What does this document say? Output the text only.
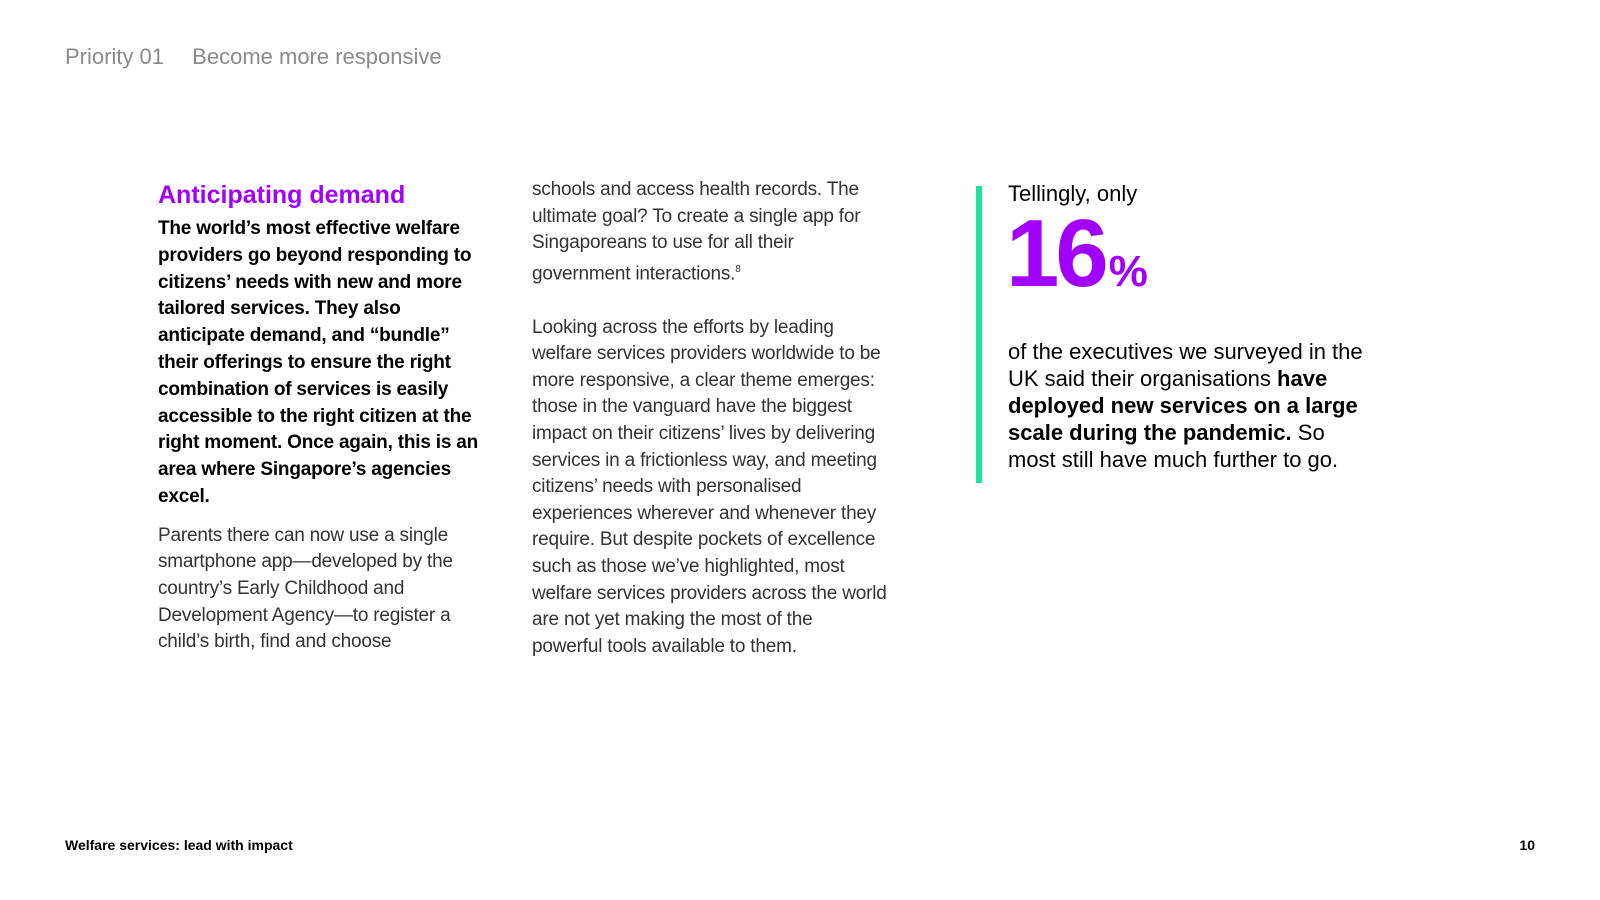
Priority 01 Become more responsive
Anticipating demand

The world’s most effective welfare providers go beyond responding to citizens’ needs with new and more tailored services. They also anticipate demand, and “bundle” their offerings to ensure the right combination of services is easily accessible to the right citizen at the right moment. Once again, this is an area where Singapore’s agencies excel.

Parents there can now use a single smartphone app—developed by the country’s Early Childhood and Development Agency—to register a child’s birth, find and choose

schools and access health records. The ultimate goal? To create a single app for Singaporeans to use for all their government interactions.$^8$

Looking across the efforts by leading welfare services providers worldwide to be more responsive, a clear theme emerges: those in the vanguard have the biggest impact on their citizens’ lives by delivering services in a frictionless way, and meeting citizens’ needs with personalised experiences wherever and whenever they require. But despite pockets of excellence such as those we’ve highlighted, most welfare services providers across the world are not yet making the most of the powerful tools available to them.

Tellingly, only

16%

of the executives we surveyed in the UK said their organisations have deployed new services on a large scale during the pandemic. So most still have much further to go.

Welfare services: lead with impact	10
